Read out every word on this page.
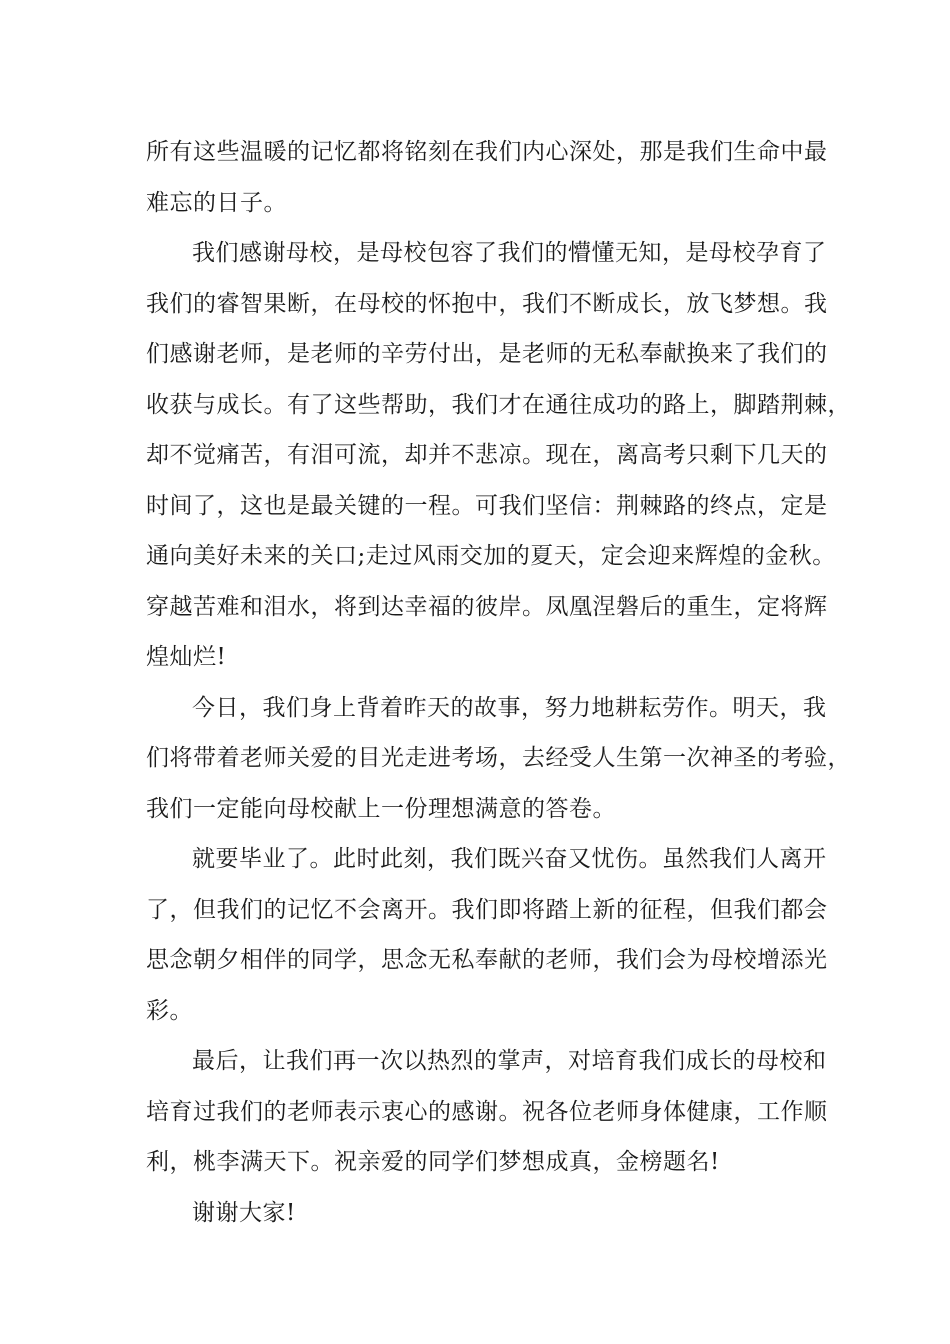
所有这些温暖的记忆都将铭刻在我们内心深处，那是我们生命中最
难忘的日子。
我们感谢母校，是母校包容了我们的懵懂无知，是母校孕育了
我们的睿智果断，在母校的怀抱中，我们不断成长，放飞梦想。我
们感谢老师，是老师的辛劳付出，是老师的无私奉献换来了我们的
收获与成长。有了这些帮助，我们才在通往成功的路上，脚踏荆棘，
却不觉痛苦，有泪可流，却并不悲凉。现在，离高考只剩下几天的
时间了，这也是最关键的一程。可我们坚信：荆棘路的终点，定是
通向美好未来的关口;走过风雨交加的夏天，定会迎来辉煌的金秋。
穿越苦难和泪水，将到达幸福的彼岸。凤凰涅磐后的重生，定将辉
煌灿烂!
今日，我们身上背着昨天的故事，努力地耕耘劳作。明天，我
们将带着老师关爱的目光走进考场，去经受人生第一次神圣的考验，
我们一定能向母校献上一份理想满意的答卷。
就要毕业了。此时此刻，我们既兴奋又忧伤。虽然我们人离开
了，但我们的记忆不会离开。我们即将踏上新的征程，但我们都会
思念朝夕相伴的同学，思念无私奉献的老师，我们会为母校增添光
彩。
最后，让我们再一次以热烈的掌声，对培育我们成长的母校和
培育过我们的老师表示衷心的感谢。祝各位老师身体健康，工作顺
利，桃李满天下。祝亲爱的同学们梦想成真，金榜题名!
谢谢大家!
